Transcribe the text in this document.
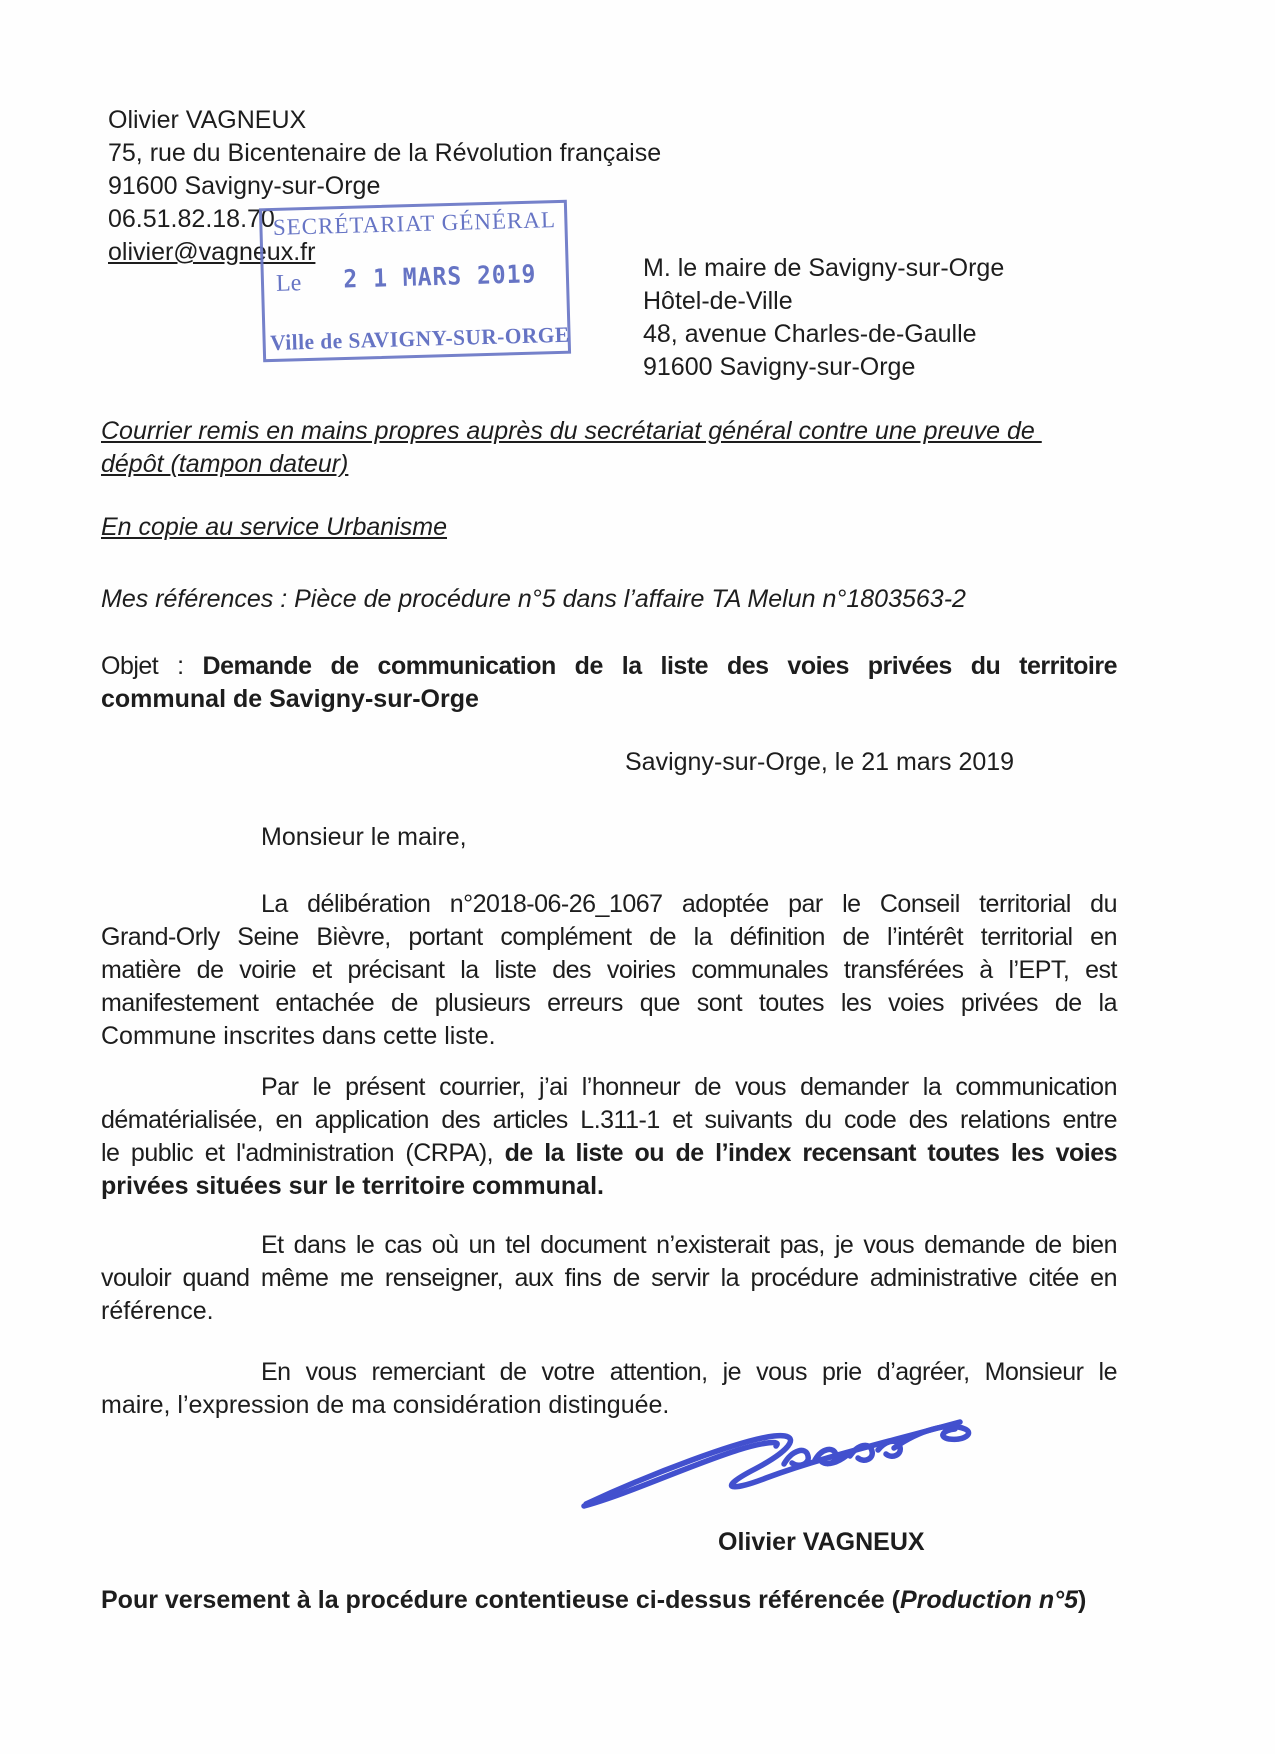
Olivier VAGNEUX
75, rue du Bicentenaire de la Révolution française
91600 Savigny-sur-Orge
06.51.82.18.70
olivier@vagneux.fr
SECRÉTARIAT GÉNÉRAL
Le 2 1 MARS 2019
Ville de SAVIGNY-SUR-ORGE
M. le maire de Savigny-sur-Orge
Hôtel-de-Ville
48, avenue Charles-de-Gaulle
91600 Savigny-sur-Orge
Courrier remis en mains propres auprès du secrétariat général contre une preuve de
dépôt (tampon dateur)
En copie au service Urbanisme
Mes références : Pièce de procédure n°5 dans l’affaire TA Melun n°1803563-2
Objet : Demande de communication de la liste des voies privées du territoire
communal de Savigny-sur-Orge
Savigny-sur-Orge, le 21 mars 2019
Monsieur le maire,
La délibération n°2018-06-26_1067 adoptée par le Conseil territorial du
Grand-Orly Seine Bièvre, portant complément de la définition de l’intérêt territorial en
matière de voirie et précisant la liste des voiries communales transférées à l’EPT, est
manifestement entachée de plusieurs erreurs que sont toutes les voies privées de la
Commune inscrites dans cette liste.
Par le présent courrier, j’ai l’honneur de vous demander la communication
dématérialisée, en application des articles L.311-1 et suivants du code des relations entre
le public et l'administration (CRPA), de la liste ou de l’index recensant toutes les voies
privées situées sur le territoire communal.
Et dans le cas où un tel document n’existerait pas, je vous demande de bien
vouloir quand même me renseigner, aux fins de servir la procédure administrative citée en
référence.
En vous remerciant de votre attention, je vous prie d’agréer, Monsieur le
maire, l’expression de ma considération distinguée.
Olivier VAGNEUX
Pour versement à la procédure contentieuse ci-dessus référencée (Production n°5)
